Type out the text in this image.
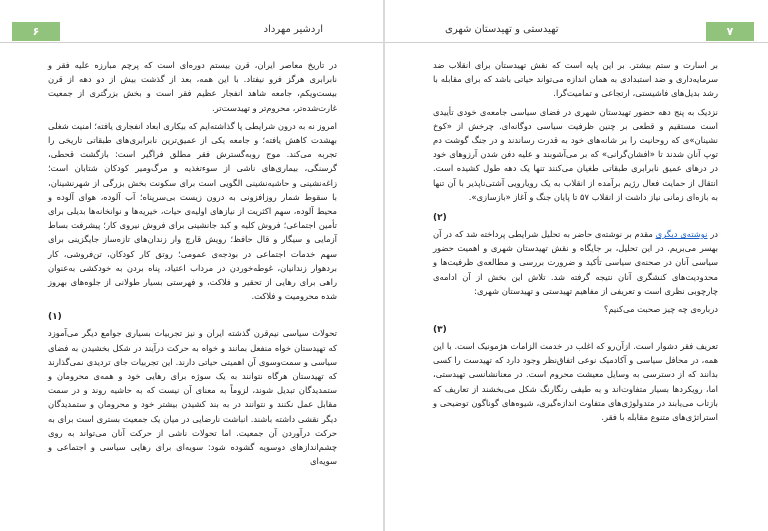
۶	اردشیر مهرداد

در تاریخ معاصر ایران، قرن بیستم دوره‌ای است که پرچم مبارزه علیه فقر و نابرابری هرگز فرو نیفتاد. با این همه، بعد از گذشت بیش از دو دهه از قرن بیست‌ویکم، جامعه شاهد انفجار عظیم فقر است و بخش بزرگتری از جمعیت غارت‌شده‌تر، محروم‌تر و تهیدست‌تر.

امروز نه به درون شرایطی پا گذاشته‌ایم که بیکاری ابعاد انفجاری یافته؛ امنیت شغلی بهشدت کاهش یافته؛ و جامعه یکی از عمیق‌ترین نابرابری‌های طبقاتی تاریخی را تجربه می‌کند. موج روبه‌گسترش فقر مطلق فراگیر است: بازگشت قحطی، گرسنگی، بیماری‌های ناشی از سوءتغذیه و مرگ‌ومیر کودکان شتابان است؛ زاغه‌نشینی و حاشیه‌نشینی الگویی است برای سکونت بخش بزرگی از شهرنشینان، با سقوط شمار روزافزونی به درون زیست بی‌سرپناه؛ آب آلوده، هوای آلوده و محیط آلوده، سهم اکثریت از نیازهای اولیه‌ی حیات، خیریه‌ها و نوانخانه‌ها بدیلی برای تأمین اجتماعی؛ فروش کلیه و کبد جانشینی برای فروش نیروی کار؛ پیشرفت بساط آزمایی و سیگار و قال حافظ؛ رویش قارچ وار زندان‌های تازه‌ساز جایگزینی برای سهم خدمات اجتماعی در بودجه‌ی عمومی؛ روتق کار کودکان، تن‌فروشی، کار بردهوار زندانیان، غوطه‌خوردن در مرداب اعتیاد، پناه بردن به خودکشی به‌عنوان راهی برای رهایی از تحقیر و فلاکت، و فهرستی بسیار طولانی از جلوه‌های بهروز شده محرومیت و فلاکت.

(۱)

تحولات سیاسی نیم‌قرن گذشته ایران و نیز تجربیات بسیاری جوامع دیگر می‌آموزد که تهیدستان خواه منفعل بمانند و خواه به حرکت درآیند در شکل بخشیدن به فضای سیاسی و سمت‌وسوی آن اهمیتی حیاتی دارند. این تجربیات جای تردیدی نمی‌گذارند که تهیدستان هرگاه نتوانند به یک سوژه برای رهایی خود و همه‌ی محرومان و ستمدیدگان تبدیل شوند، لزوماً به معنای آن نیست که به حاشیه روند و در سمت مقابل عمل نکنند و نتوانند در به بند کشیدن بیشتر خود و محرومان و ستمدیدگان دیگر نقشی داشته باشند. انباشت نارضایی در میان یک جمعیت بستری است برای به حرکت درآوردن آن جمعیت. اما تحولات ناشی از حرکت آنان می‌تواند به روی چشم‌اندازهای دوسویه گشوده شود: سویه‌ای برای رهایی سیاسی و اجتماعی و سویه‌ای

۷
تهیدستی و تهیدستان شهری

بر اسارت و ستم بیشتر. بر این پایه است که نقش تهیدستان برای انقلاب ضد سرمایه‌داری و ضد استبدادی به همان اندازه می‌تواند حیاتی باشد که برای مقابله با رشد بدیل‌های فاشیستی، ارتجاعی و تمامیت‌گرا.

نزدیک به پنج دهه حضور تهیدستان شهری در فضای سیاسی جامعه‌ی خودی تأییدی است مستقیم و قطعی بر چنین ظرفیت سیاسی دوگانه‌ای. چرخش از «کوخ نشینان»‌ی که روحانیت را بر شانه‌های خود به قدرت رساندند و در جنگ گوشت دم توپ آنان شدند تا «افشان‌گرانی» که بر می‌آشوبند و علیه دفن شدن آرزوهای خود در درهای عمیق نابرابری طبقاتی طغیان می‌کنند تنها یک دهه طول کشیده است. انتقال از حمایت فعال رژیم برآمده از انقلاب به یک رویارویی آشتی‌ناپذیر با آن تنها به بازه‌ای زمانی نیاز داشت از انقلاب ۵۷ تا پایان جنگ و آغاز «بازسازی».

(۲)

در نوشته‌ی دیگری مقدم بر نوشته‌ی حاضر به تحلیل شرایطی پرداخته شد که در آن بهسر می‌بریم. در این تحلیل، بر جایگاه و نقش تهیدستان شهری و اهمیت حضور سیاسی آنان در صحنه‌ی سیاسی تأکید و ضرورت بررسی و مطالعه‌ی ظرفیت‌ها و محدودیت‌های کنشگری آنان نتیجه گرفته شد. تلاش این بخش از آن ادامه‌ی چارچوبی نظری است و تعریفی از مفاهیم تهیدستی و تهیدستان شهری:

درباره‌ی چه چیز صحبت می‌کنیم؟
(۳)

تعریف فقر دشوار است. ازآن‌رو که اغلب در خدمت الزامات هژمونیک است. با این همه، در محافل سیاسی و آکادمیک نوعی اتفاق‌نظر وجود دارد که تهیدست را کسی بدانند که از دسترسی به وسایل معیشت محروم است. در معنانشانسی تهیدستی، اما، رویکردها بسیار متفاوت‌اند و به طیفی رنگارنگ شکل می‌بخشند از تعاریف که بازتاب می‌یابند در متدولوژی‌های متفاوت اندازه‌گیری، شیوه‌های گوناگون توضیحی و استراتژی‌های متنوع مقابله با فقر.
